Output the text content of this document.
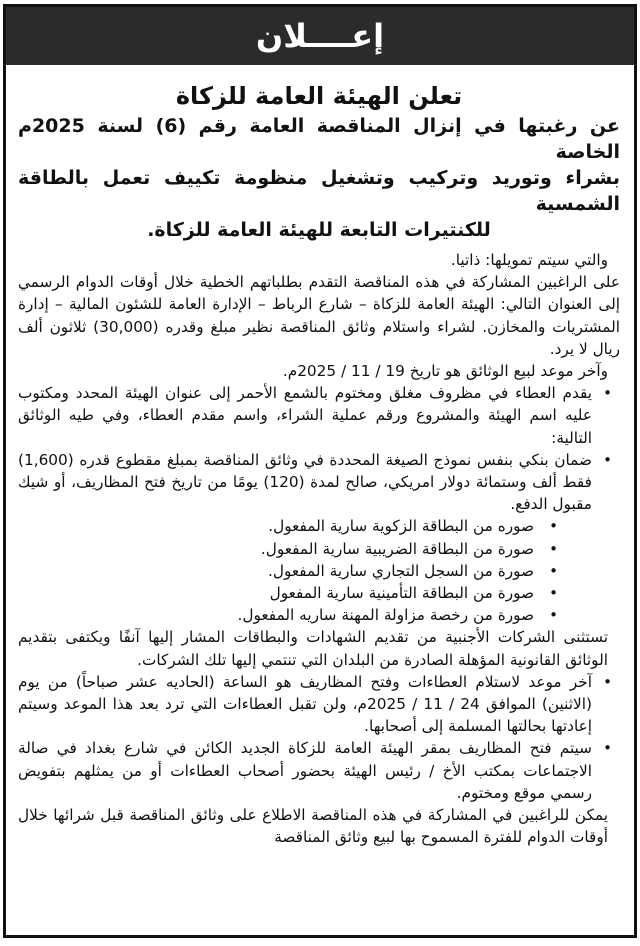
إعــــلان
تعلن الهيئة العامة للزكاة
عن رغبتها في إنزال المناقصة العامة رقم (6) لسنة 2025م الخاصة
بشراء وتوريد وتركيب وتشغيل منظومة تكييف تعمل بالطاقة الشمسية
للكنتيرات التابعة للهيئة العامة للزكاة.

والتي سيتم تمويلها: ذاتيا.

على الراغبين المشاركة في هذه المناقصة التقدم بطلباتهم الخطية خلال أوقات الدوام الرسمي إلى العنوان التالي: الهيئة العامة للزكاة – شارع الرباط – الإدارة العامة للشئون المالية – إدارة المشتريات والمخازن. لشراء واستلام وثائق المناقصة نظير مبلغ وقدره (30,000) ثلاثون ألف ريال لا يرد.

وآخر موعد لبيع الوثائق هو تاريخ 19 / 11 / 2025م.

• يقدم العطاء في مظروف مغلق ومختوم بالشمع الأحمر إلى عنوان الهيئة المحدد ومكتوب عليه اسم الهيئة والمشروع ورقم عملية الشراء، واسم مقدم العطاء، وفي طيه الوثائق التالية:

• ضمان بنكي بنفس نموذج الصيغة المحددة في وثائق المناقصة بمبلغ مقطوع قدره (1,600) فقط ألف وستمائة دولار امريكي، صالح لمدة (120) يومًا من تاريخ فتح المظاريف، أو شيك مقبول الدفع.

• صوره من البطاقة الزكوية سارية المفعول.

• صورة من البطاقة الضريبية سارية المفعول.

• صورة من السجل التجاري سارية المفعول.

• صورة من البطاقة التأمينية سارية المفعول

• صورة من رخصة مزاولة المهنة ساريه المفعول.

تستثنى الشركات الأجنبية من تقديم الشهادات والبطاقات المشار إليها آنفًا ويكتفى بتقديم الوثائق القانونية المؤهلة الصادرة من البلدان التي تنتمي إليها تلك الشركات.

• آخر موعد لاستلام العطاءات وفتح المظاريف هو الساعة (الحاديه عشر صباحاً) من يوم (الاثنين) الموافق 24 / 11 / 2025م، ولن تقبل العطاءات التي ترد بعد هذا الموعد وسيتم إعادتها بحالتها المسلمة إلى أصحابها.

• سيتم فتح المظاريف بمقر الهيئة العامة للزكاة الجديد الكائن في شارع بغداد في صالة الاجتماعات بمكتب الأخ / رئيس الهيئة بحضور أصحاب العطاءات أو من يمثلهم بتفويض رسمي موقع ومختوم.

يمكن للراغبين في المشاركة في هذه المناقصة الاطلاع على وثائق المناقصة قبل شرائها خلال أوقات الدوام للفترة المسموح بها لبيع وثائق المناقصة
